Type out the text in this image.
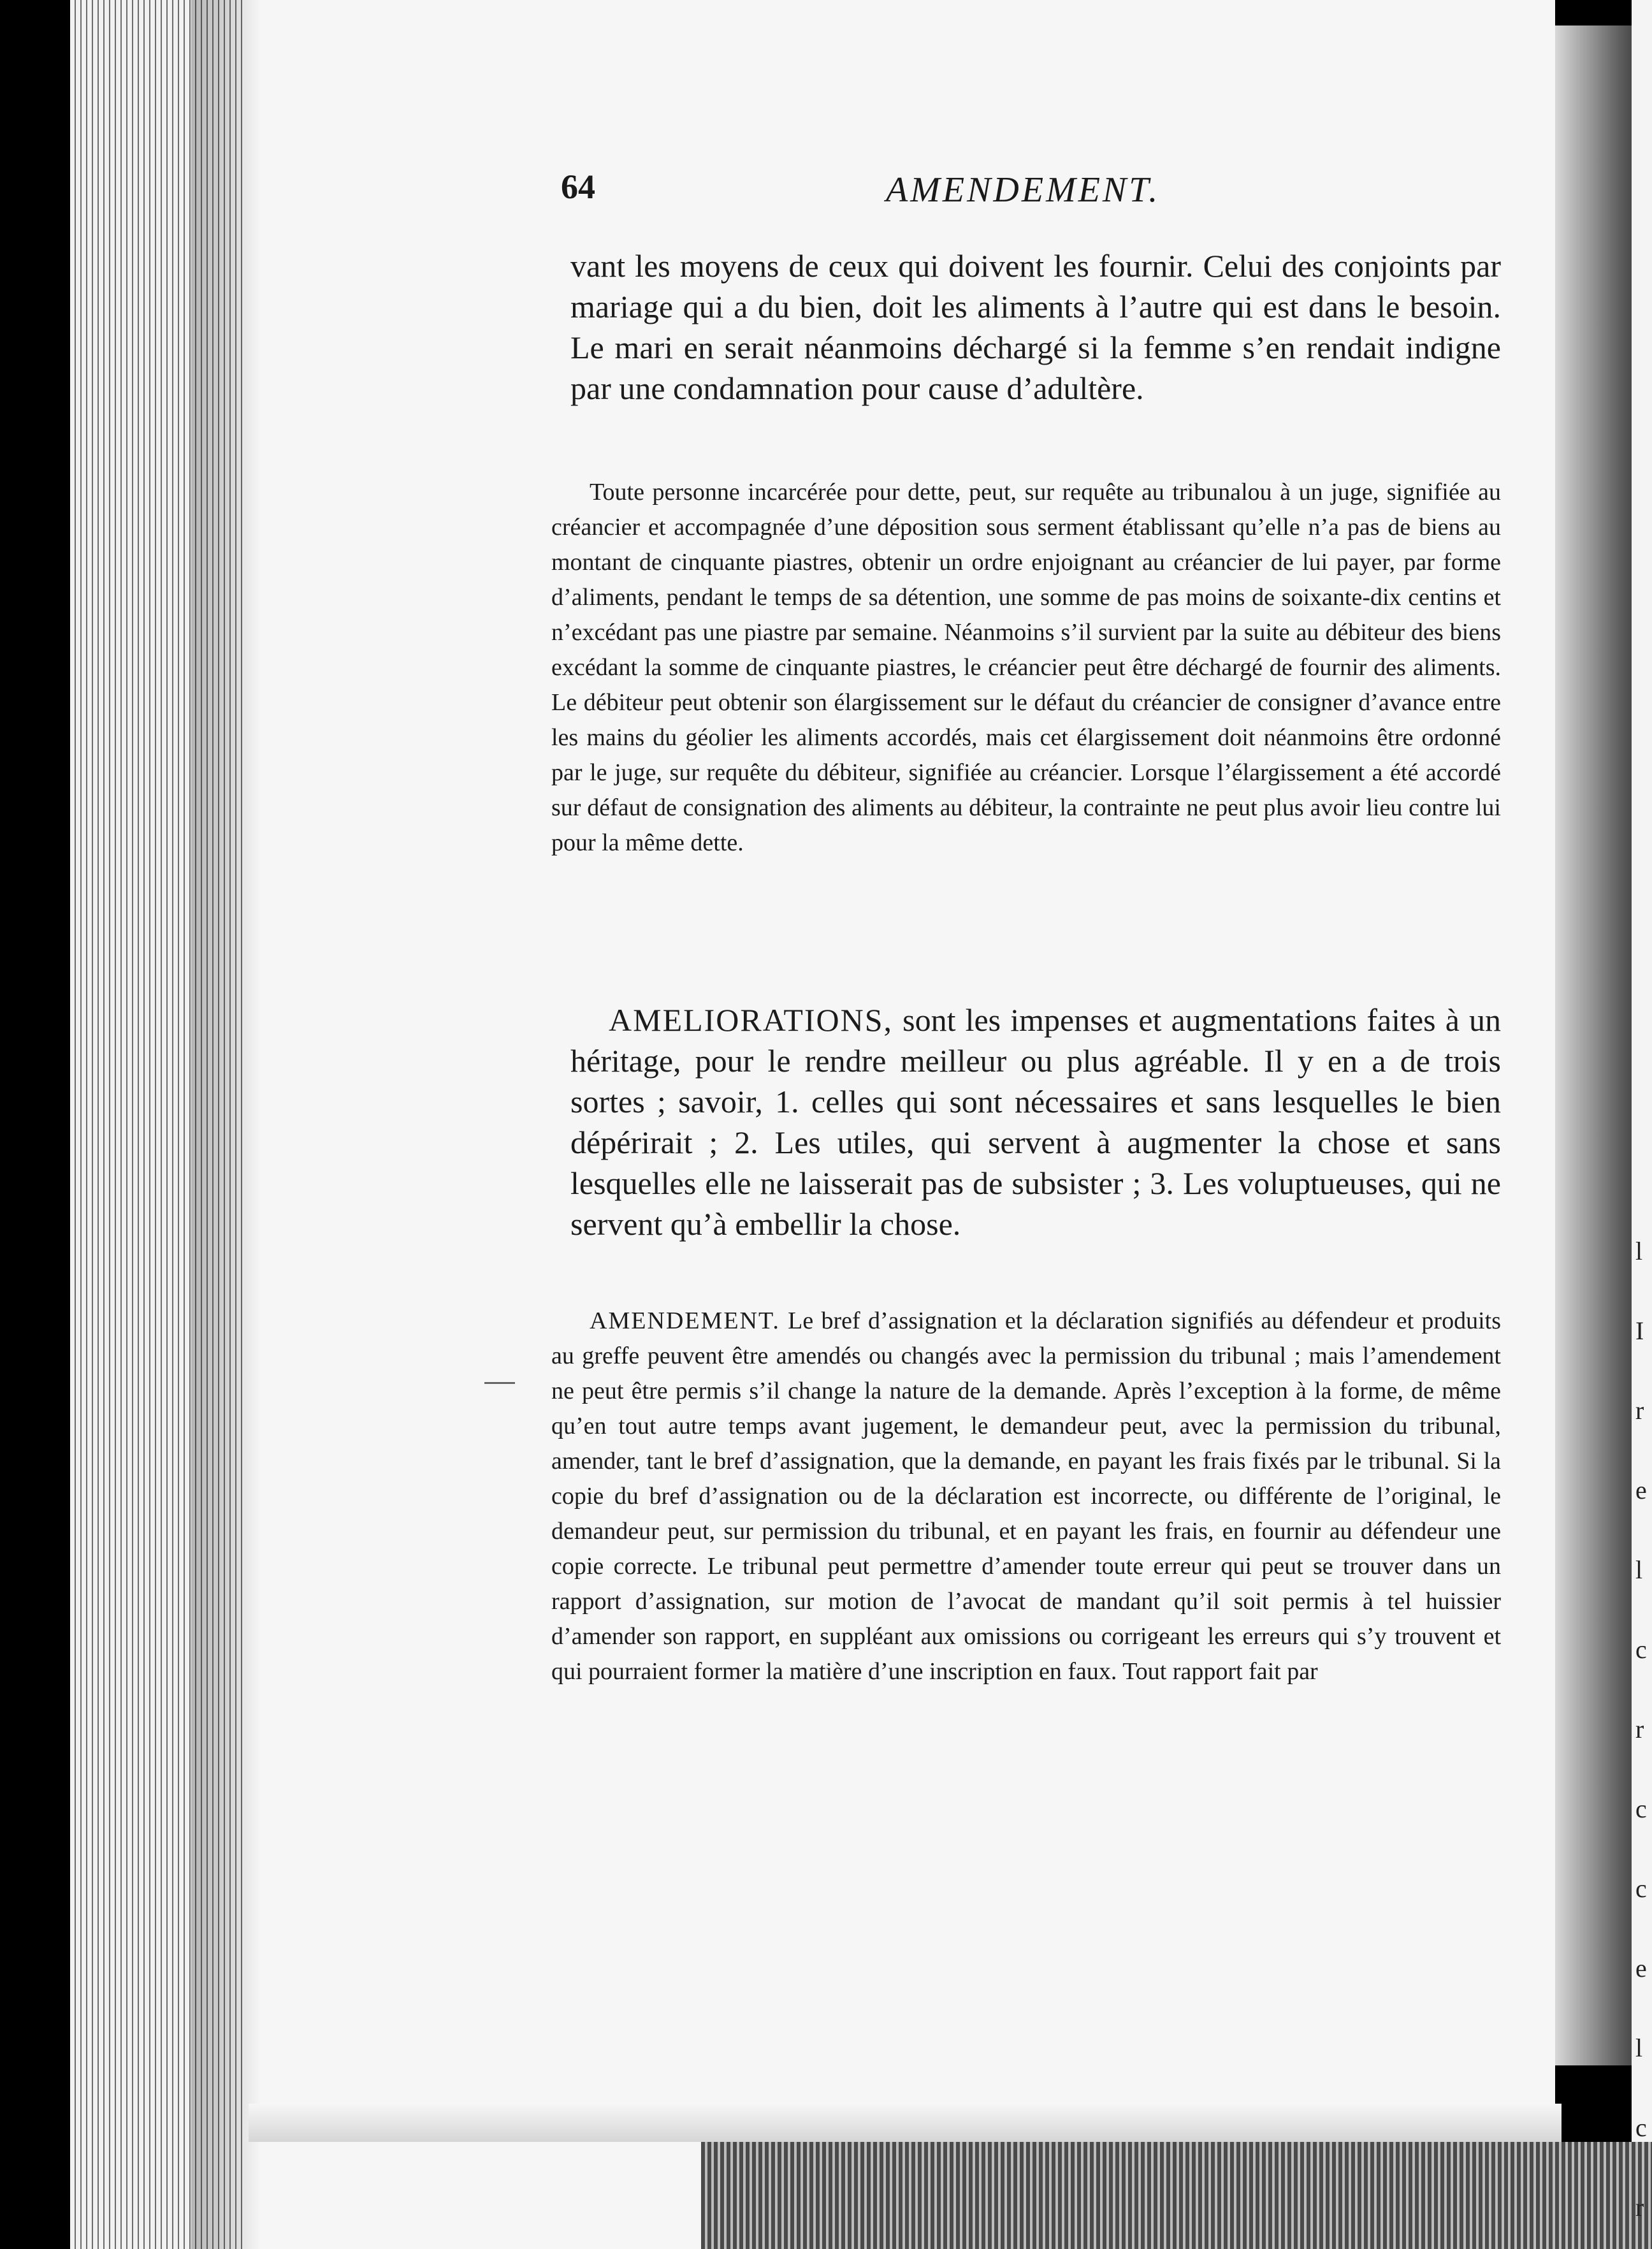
64	AMENDEMENT.

vant les moyens de ceux qui doivent les fournir. Celui des conjoints par mariage qui a du bien, doit les aliments à l’autre qui est dans le besoin. Le mari en serait néanmoins déchargé si la femme s’en rendait indigne par une condamnation pour cause d’adultère.

Toute personne incarcérée pour dette, peut, sur requête au tribunalou à un juge, signifiée au créancier et accompagnée d’une déposition sous serment établissant qu’elle n’a pas de biens au montant de cinquante piastres, obtenir un ordre enjoignant au créancier de lui payer, par forme d’aliments, pendant le temps de sa détention, une somme de pas moins de soixante-dix centins et n’excédant pas une piastre par semaine. Néanmoins s’il survient par la suite au débiteur des biens excédant la somme de cinquante piastres, le créancier peut être déchargé de fournir des aliments. Le débiteur peut obtenir son élargissement sur le défaut du créancier de consigner d’avance entre les mains du géolier les aliments accordés, mais cet élargissement doit néanmoins être ordonné par le juge, sur requête du débiteur, signifiée au créancier. Lorsque l’élargissement a été accordé sur défaut de consignation des aliments au débiteur, la contrainte ne peut plus avoir lieu contre lui pour la même dette.

AMELIORATIONS, sont les impenses et augmentations faites à un héritage, pour le rendre meilleur ou plus agréable. Il y en a de trois sortes ; savoir, 1. celles qui sont nécessaires et sans lesquelles le bien dépérirait ; 2. Les utiles, qui servent à augmenter la chose et sans lesquelles elle ne laisserait pas de subsister ; 3. Les voluptueuses, qui ne servent qu’à embellir la chose.

AMENDEMENT. Le bref d’assignation et la déclaration signifiés au défendeur et produits au greffe peuvent être amendés ou changés avec la permission du tribunal ; mais l’amendement ne peut être permis s’il change la nature de la demande. Après l’exception à la forme, de même qu’en tout autre temps avant jugement, le demandeur peut, avec la permission du tribunal, amender, tant le bref d’assignation, que la demande, en payant les frais fixés par le tribunal. Si la copie du bref d’assignation ou de la déclaration est incorrecte, ou différente de l’original, le demandeur peut, sur permission du tribunal, et en payant les frais, en fournir au défendeur une copie correcte. Le tribunal peut permettre d’amender toute erreur qui peut se trouver dans un rapport d’assignation, sur motion de l’avocat de mandant qu’il soit permis à tel huissier d’amender son rapport, en suppléant aux omissions ou corrigeant les erreurs qui s’y trouvent et qui pourraient former la matière d’une inscription en faux. Tout rapport fait par

l
I
r
e
l
c
r
c
c
e
l
c
r
